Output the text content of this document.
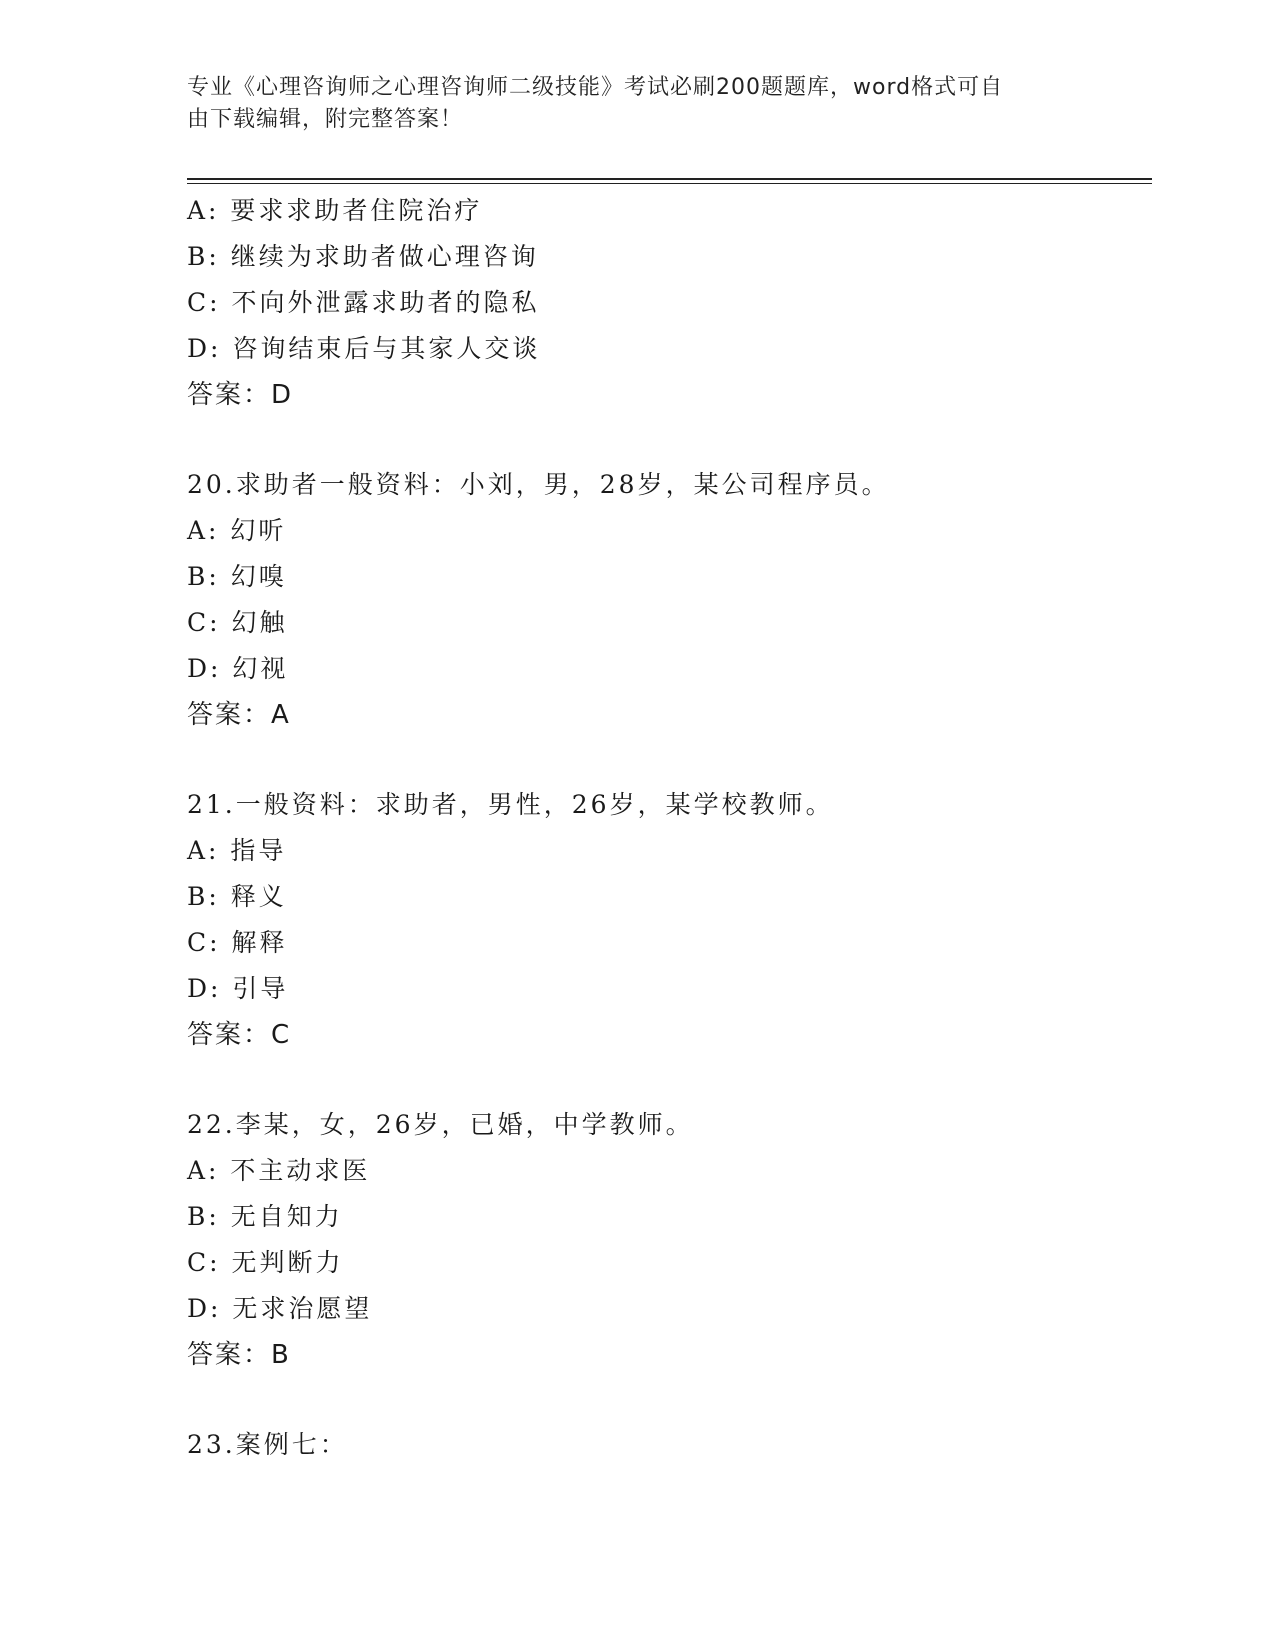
专业《心理咨询师之心理咨询师二级技能》考试必刷200题题库，word格式可自
由下载编辑，附完整答案！
A: 要求求助者住院治疗
B: 继续为求助者做心理咨询
C: 不向外泄露求助者的隐私
D: 咨询结束后与其家人交谈
答案：D
20.求助者一般资料：小刘，男，28岁，某公司程序员。
A: 幻听
B: 幻嗅
C: 幻触
D: 幻视
答案：A
21.一般资料：求助者，男性，26岁，某学校教师。
A: 指导
B: 释义
C: 解释
D: 引导
答案：C
22.李某，女，26岁，已婚，中学教师。
A: 不主动求医
B: 无自知力
C: 无判断力
D: 无求治愿望
答案：B
23.案例七：
